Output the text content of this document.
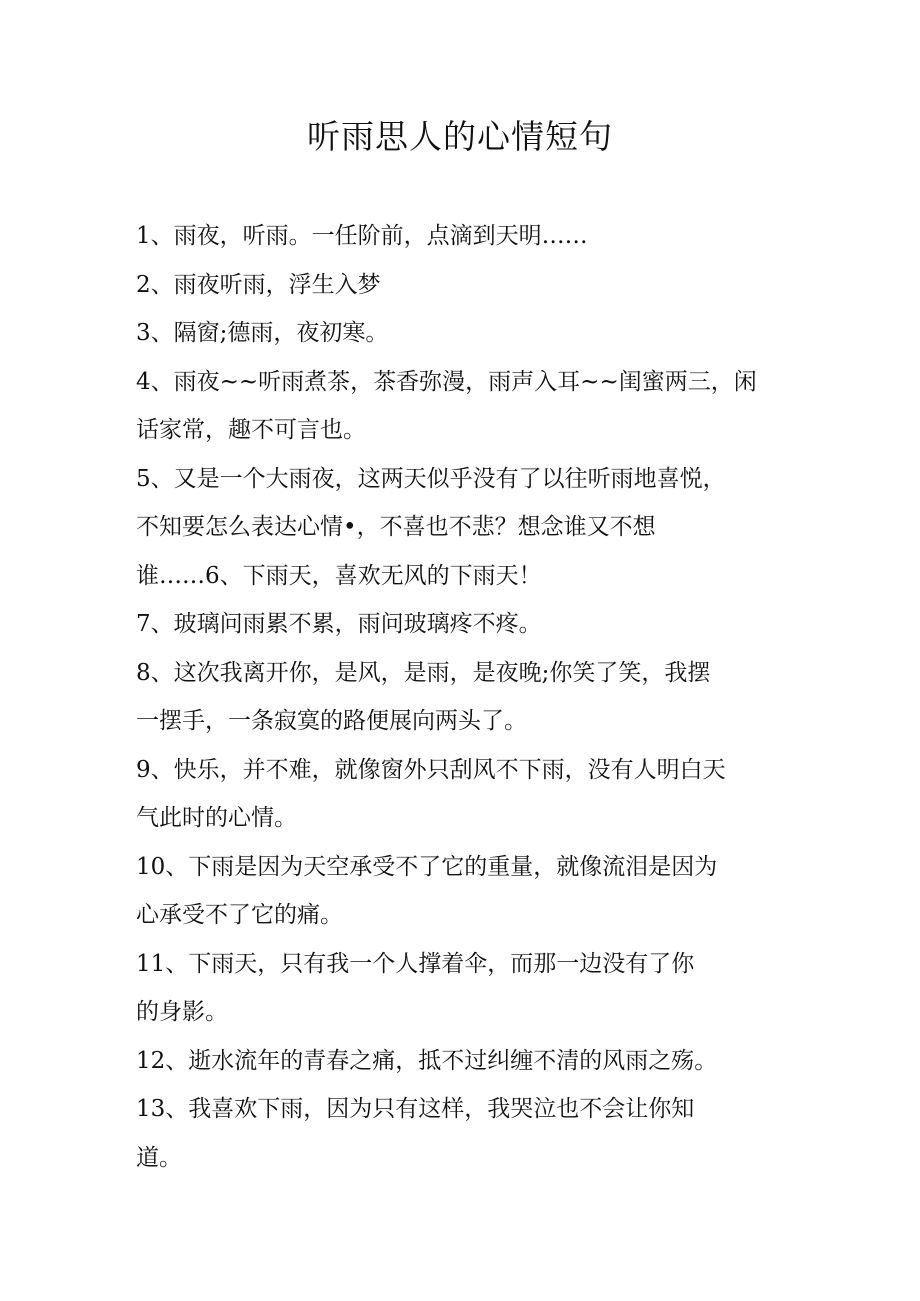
听雨思人的心情短句
1、雨夜，听雨。一任阶前，点滴到天明……
2、雨夜听雨，浮生入梦
3、隔窗;德雨，夜初寒。
4、雨夜~~听雨煮茶，茶香弥漫，雨声入耳~~闺蜜两三，闲
话家常，趣不可言也。
5、又是一个大雨夜，这两天似乎没有了以往听雨地喜悦，
不知要怎么表达心情•，不喜也不悲？想念谁又不想
谁……6、下雨天，喜欢无风的下雨天！
7、玻璃问雨累不累，雨问玻璃疼不疼。
8、这次我离开你，是风，是雨，是夜晚;你笑了笑，我摆
一摆手，一条寂寞的路便展向两头了。
9、快乐，并不难，就像窗外只刮风不下雨，没有人明白天
气此时的心情。
10、下雨是因为天空承受不了它的重量，就像流泪是因为
心承受不了它的痛。
11、下雨天，只有我一个人撑着伞，而那一边没有了你
的身影。
12、逝水流年的青春之痛，抵不过纠缠不清的风雨之殇。
13、我喜欢下雨，因为只有这样，我哭泣也不会让你知
道。
